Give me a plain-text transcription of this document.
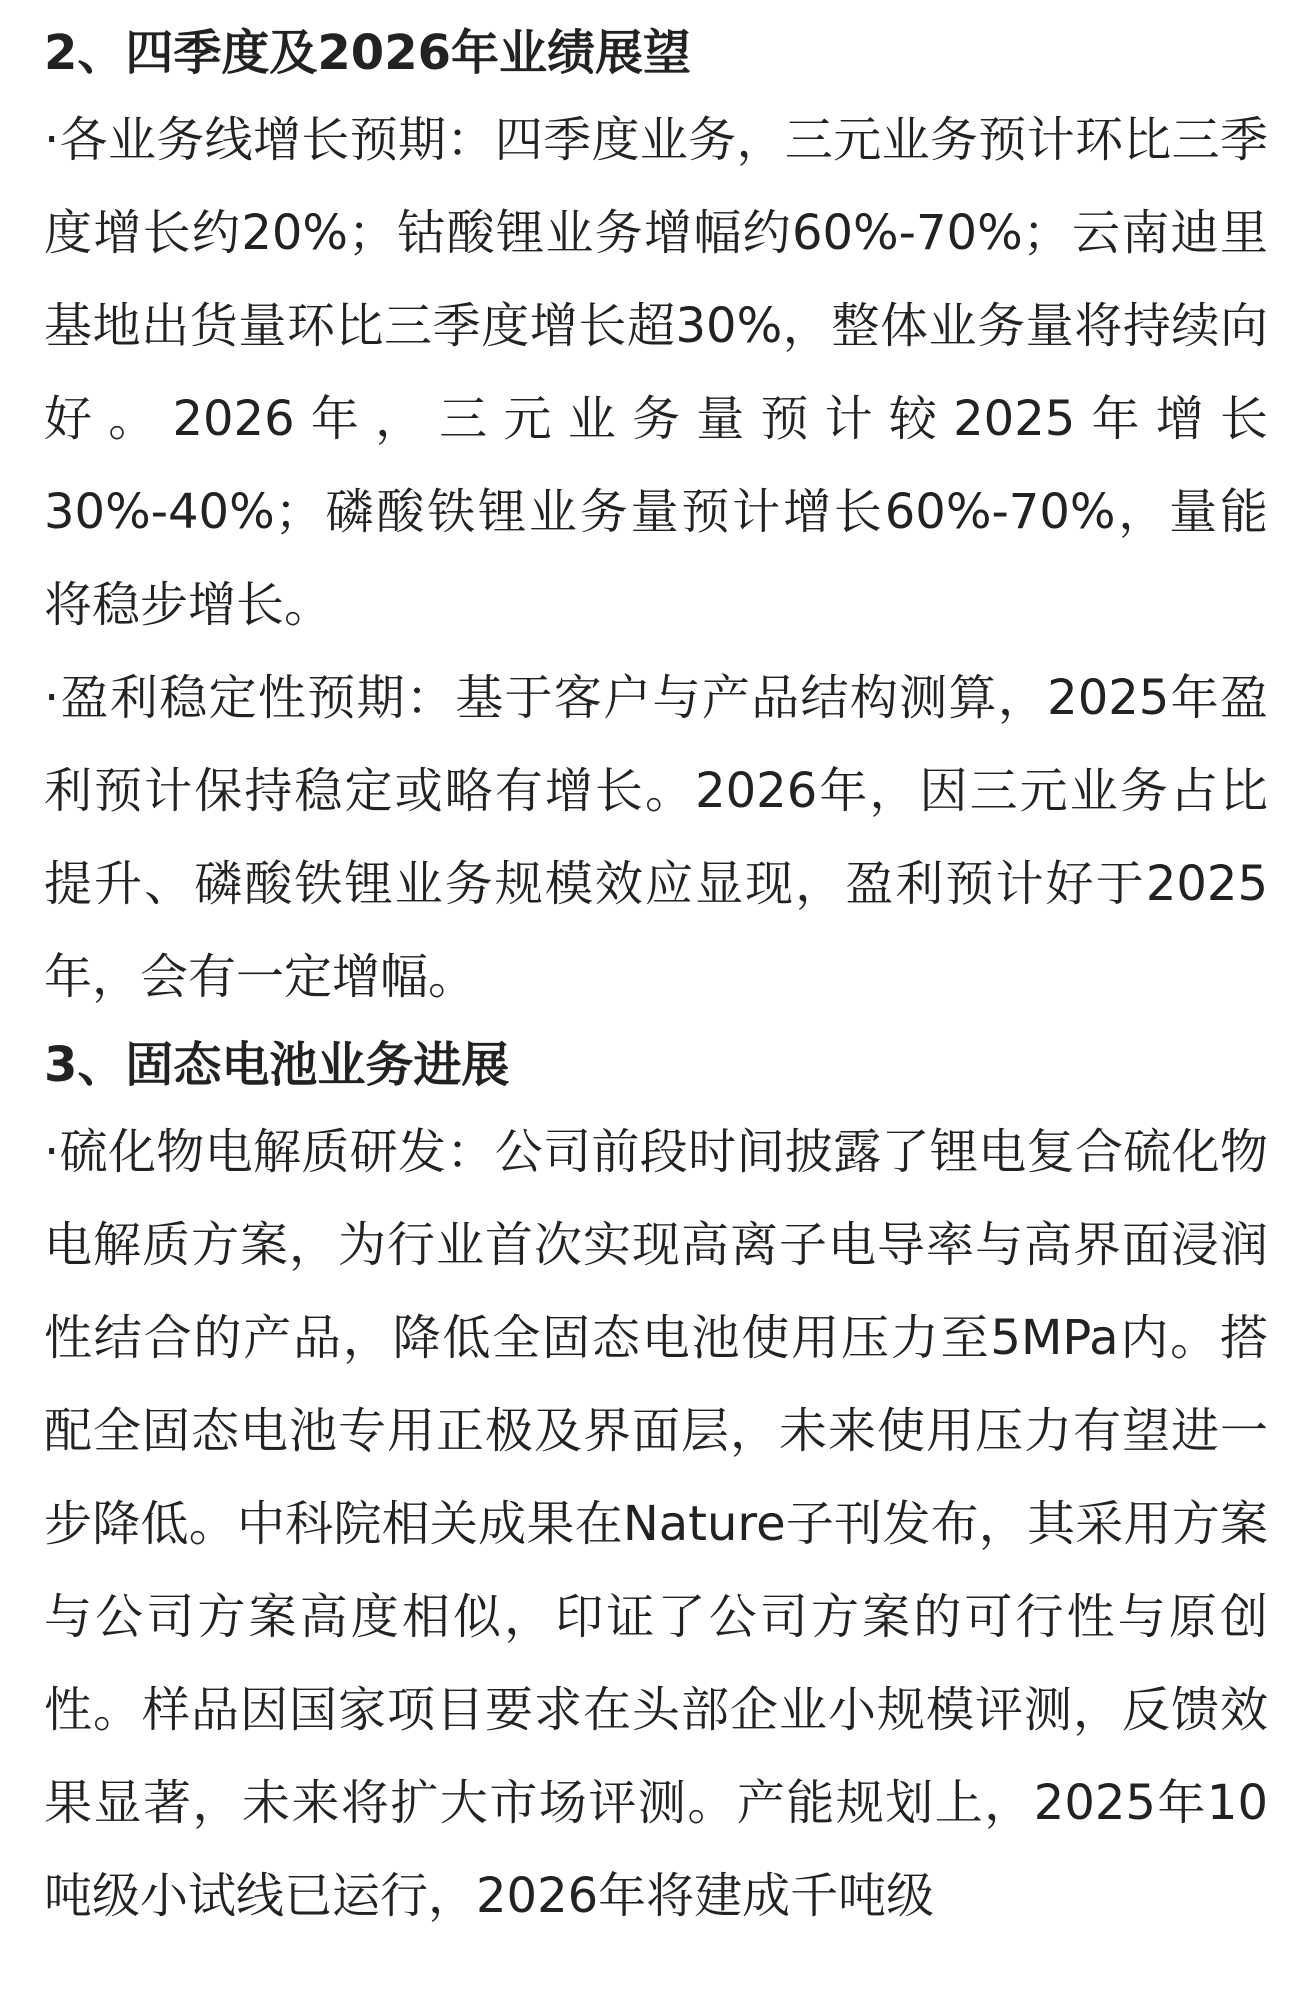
2、四季度及2026年业绩展望

·各业务线增长预期：四季度业务，三元业务预计环比三季度增长约20%；钴酸锂业务增幅约60%-70%；云南迪里基地出货量环比三季度增长超30%，整体业务量将持续向好。2026年，三元业务量预计较2025年增长30%-40%；磷酸铁锂业务量预计增长60%-70%，量能将稳步增长。

·盈利稳定性预期：基于客户与产品结构测算，2025年盈利预计保持稳定或略有增长。2026年，因三元业务占比提升、磷酸铁锂业务规模效应显现，盈利预计好于2025年，会有一定增幅。

3、固态电池业务进展

·硫化物电解质研发：公司前段时间披露了锂电复合硫化物电解质方案，为行业首次实现高离子电导率与高界面浸润性结合的产品，降低全固态电池使用压力至5MPa内。搭配全固态电池专用正极及界面层，未来使用压力有望进一步降低。中科院相关成果在Nature子刊发布，其采用方案与公司方案高度相似，印证了公司方案的可行性与原创性。样品因国家项目要求在头部企业小规模评测，反馈效果显著，未来将扩大市场评测。产能规划上，2025年10吨级小试线已运行，2026年将建成千吨级
